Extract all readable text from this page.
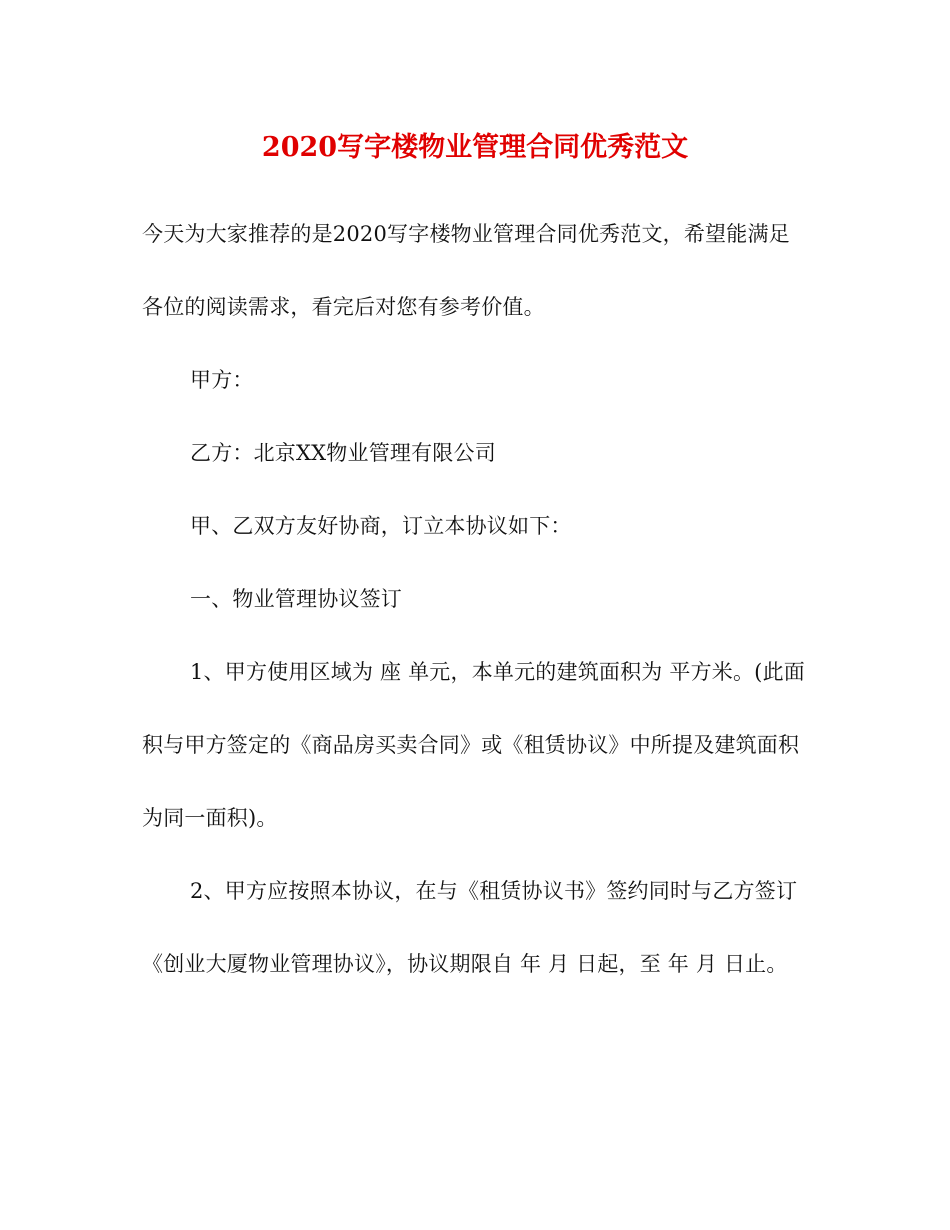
2020写字楼物业管理合同优秀范文

今天为大家推荐的是2020写字楼物业管理合同优秀范文，希望能满足各位的阅读需求，看完后对您有参考价值。

甲方：

乙方：北京XX物业管理有限公司

甲、乙双方友好协商，订立本协议如下：

一、物业管理协议签订

1、甲方使用区域为 座 单元，本单元的建筑面积为 平方米。(此面积与甲方签定的《商品房买卖合同》或《租赁协议》中所提及建筑面积为同一面积)。

2、甲方应按照本协议，在与《租赁协议书》签约同时与乙方签订《创业大厦物业管理协议》，协议期限自 年 月 日起，至 年 月 日止。
